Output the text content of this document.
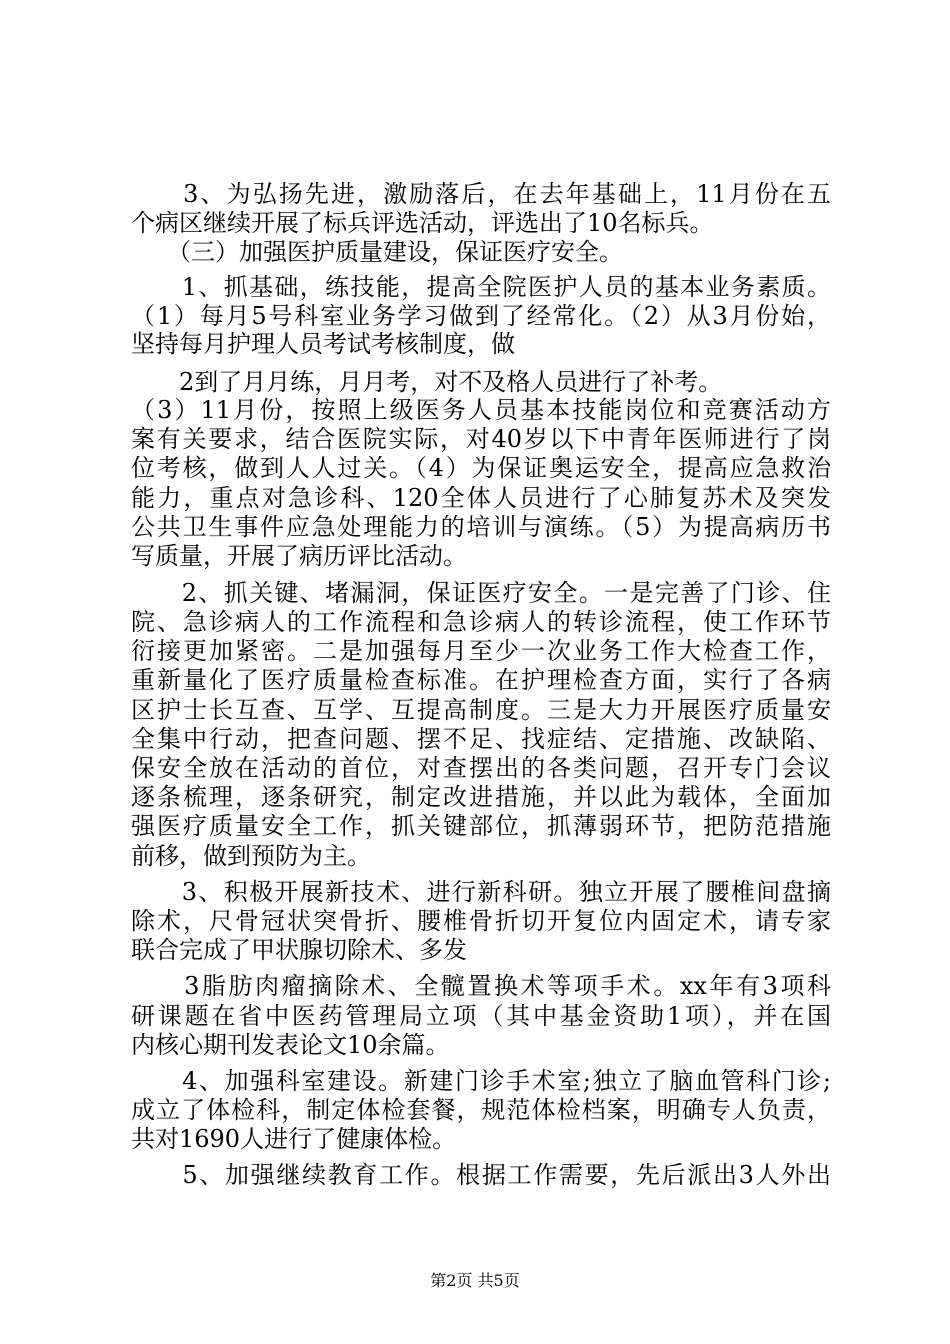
　　3、为弘扬先进，激励落后，在去年基础上，11月份在五
个病区继续开展了标兵评选活动，评选出了10名标兵。
　　（三）加强医护质量建设，保证医疗安全。
　　1、抓基础，练技能，提高全院医护人员的基本业务素质。
（1）每月5号科室业务学习做到了经常化。（2）从3月份始，
坚持每月护理人员考试考核制度，做
　　2到了月月练，月月考，对不及格人员进行了补考。
（3）11月份，按照上级医务人员基本技能岗位和竞赛活动方
案有关要求，结合医院实际，对40岁以下中青年医师进行了岗
位考核，做到人人过关。（4）为保证奥运安全，提高应急救治
能力，重点对急诊科、120全体人员进行了心肺复苏术及突发
公共卫生事件应急处理能力的培训与演练。（5）为提高病历书
写质量，开展了病历评比活动。
　　2、抓关键、堵漏洞，保证医疗安全。一是完善了门诊、住
院、急诊病人的工作流程和急诊病人的转诊流程，使工作环节
衍接更加紧密。二是加强每月至少一次业务工作大检查工作，
重新量化了医疗质量检查标准。在护理检查方面，实行了各病
区护士长互查、互学、互提高制度。三是大力开展医疗质量安
全集中行动，把查问题、摆不足、找症结、定措施、改缺陷、
保安全放在活动的首位，对查摆出的各类问题，召开专门会议
逐条梳理，逐条研究，制定改进措施，并以此为载体，全面加
强医疗质量安全工作，抓关键部位，抓薄弱环节，把防范措施
前移，做到预防为主。
　　3、积极开展新技术、进行新科研。独立开展了腰椎间盘摘
除术，尺骨冠状突骨折、腰椎骨折切开复位内固定术，请专家
联合完成了甲状腺切除术、多发
　　3脂肪肉瘤摘除术、全髋置换术等项手术。xx年有3项科
研课题在省中医药管理局立项（其中基金资助1项），并在国
内核心期刊发表论文10余篇。
　　4、加强科室建设。新建门诊手术室;独立了脑血管科门诊;
成立了体检科，制定体检套餐，规范体检档案，明确专人负责，
共对1690人进行了健康体检。
　　5、加强继续教育工作。根据工作需要，先后派出3人外出
第2页 共5页
